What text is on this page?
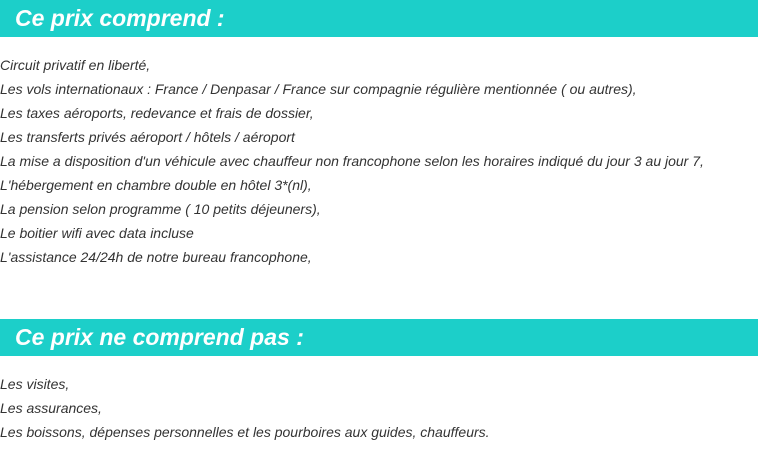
Ce prix comprend :
Circuit privatif en liberté,
Les vols internationaux : France / Denpasar / France sur compagnie régulière mentionnée ( ou autres),
Les taxes aéroports, redevance et frais de dossier,
Les transferts privés aéroport / hôtels / aéroport
La mise a disposition d'un véhicule avec chauffeur non francophone selon les horaires indiqué du jour 3 au jour 7,
L'hébergement en chambre double en hôtel 3*(nl),
La pension selon programme ( 10 petits déjeuners),
Le boitier wifi avec data incluse
L'assistance 24/24h de notre bureau francophone,
Ce prix ne comprend pas :
Les visites,
Les assurances,
Les boissons, dépenses personnelles et les pourboires aux guides, chauffeurs.
